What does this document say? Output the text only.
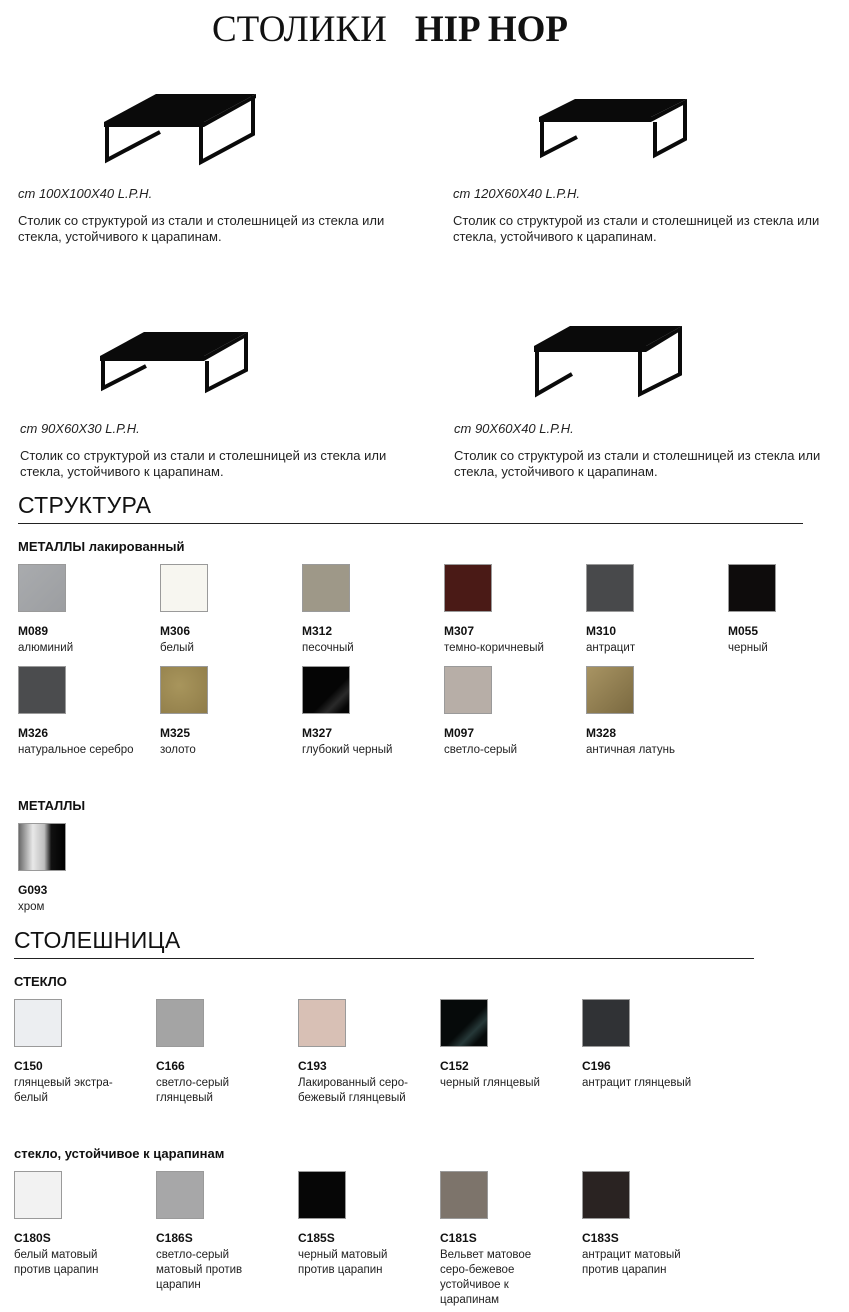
СТОЛИКИ HIP HOP
cm 100X100X40 L.P.H.
Столик со структурой из стали и столешницей из стекла или стекла, устойчивого к царапинам.
cm 120X60X40 L.P.H.
Столик со структурой из стали и столешницей из стекла или стекла, устойчивого к царапинам.
cm 90X60X30 L.P.H.
Столик со структурой из стали и столешницей из стекла или стекла, устойчивого к царапинам.
cm 90X60X40 L.P.H.
Столик со структурой из стали и столешницей из стекла или стекла, устойчивого к царапинам.
СТРУКТУРА
МЕТАЛЛЫ лакированный
M089
алюминий
M306
белый
M312
песочный
M307
темно-коричневый
M310
антрацит
M055
черный
M326
натуральное серебро
M325
золото
M327
глубокий черный
M097
светло-серый
M328
античная латунь
МЕТАЛЛЫ
G093
хром
СТОЛЕШНИЦА
СТЕКЛО
C150
глянцевый экстра-белый
C166
светло-серый глянцевый
C193
Лакированный серо-бежевый глянцевый
C152
черный глянцевый
C196
антрацит глянцевый
стекло, устойчивое к царапинам
C180S
белый матовый против царапин
C186S
светло-серый матовый против царапин
C185S
черный матовый против царапин
C181S
Вельвет матовое серо-бежевое устойчивое к царапинам
C183S
антрацит матовый против царапин
